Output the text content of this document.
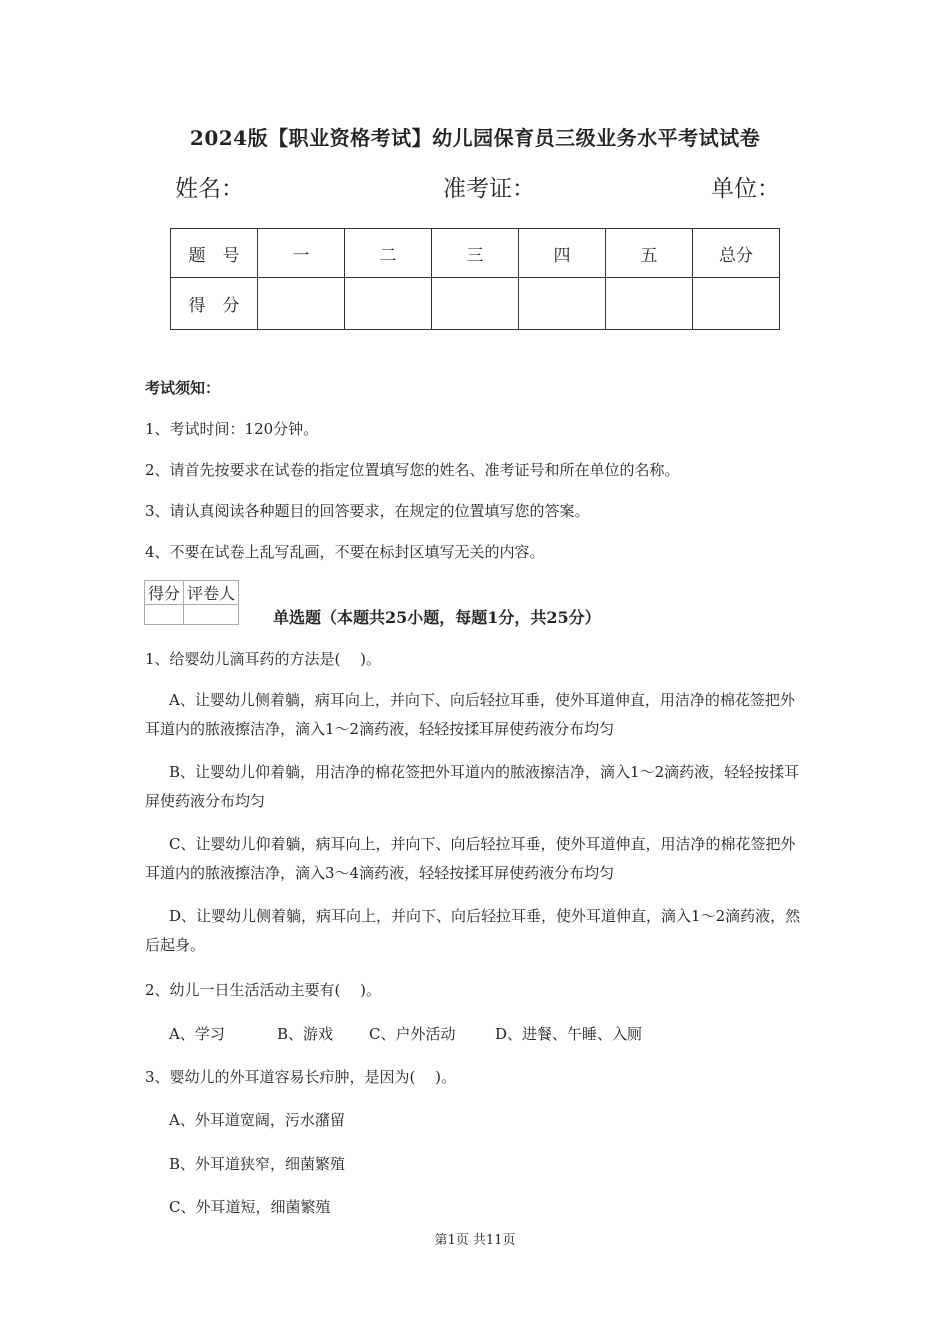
2024版【职业资格考试】幼儿园保育员三级业务水平考试试卷
姓名：	准考证：	单位：
题　号	一	二	三	四	五	总分
得　分						
考试须知：
1、考试时间：120分钟。
2、请首先按要求在试卷的指定位置填写您的姓名、准考证号和所在单位的名称。
3、请认真阅读各种题目的回答要求，在规定的位置填写您的答案。
4、不要在试卷上乱写乱画，不要在标封区填写无关的内容。
得分	评卷人

单选题（本题共25小题，每题1分，共25分）
1、给婴幼儿滴耳药的方法是(　 )。
A、让婴幼儿侧着躺，病耳向上，并向下、向后轻拉耳垂，使外耳道伸直，用洁净的棉花签把外耳道内的脓液擦洁净，滴入1～2滴药液，轻轻按揉耳屏使药液分布均匀
B、让婴幼儿仰着躺，用洁净的棉花签把外耳道内的脓液擦洁净，滴入1～2滴药液，轻轻按揉耳屏使药液分布均匀
C、让婴幼儿仰着躺，病耳向上，并向下、向后轻拉耳垂，使外耳道伸直，用洁净的棉花签把外耳道内的脓液擦洁净，滴入3～4滴药液，轻轻按揉耳屏使药液分布均匀
D、让婴幼儿侧着躺，病耳向上，并向下、向后轻拉耳垂，使外耳道伸直，滴入1～2滴药液，然后起身。
2、幼儿一日生活活动主要有(　 )。
A、学习	B、游戏 C、户外活动	D、进餐、午睡、入厕
3、婴幼儿的外耳道容易长疖肿，是因为(　 )。
A、外耳道宽阔，污水潴留
B、外耳道狭窄，细菌繁殖
C、外耳道短，细菌繁殖
第1页 共11页
